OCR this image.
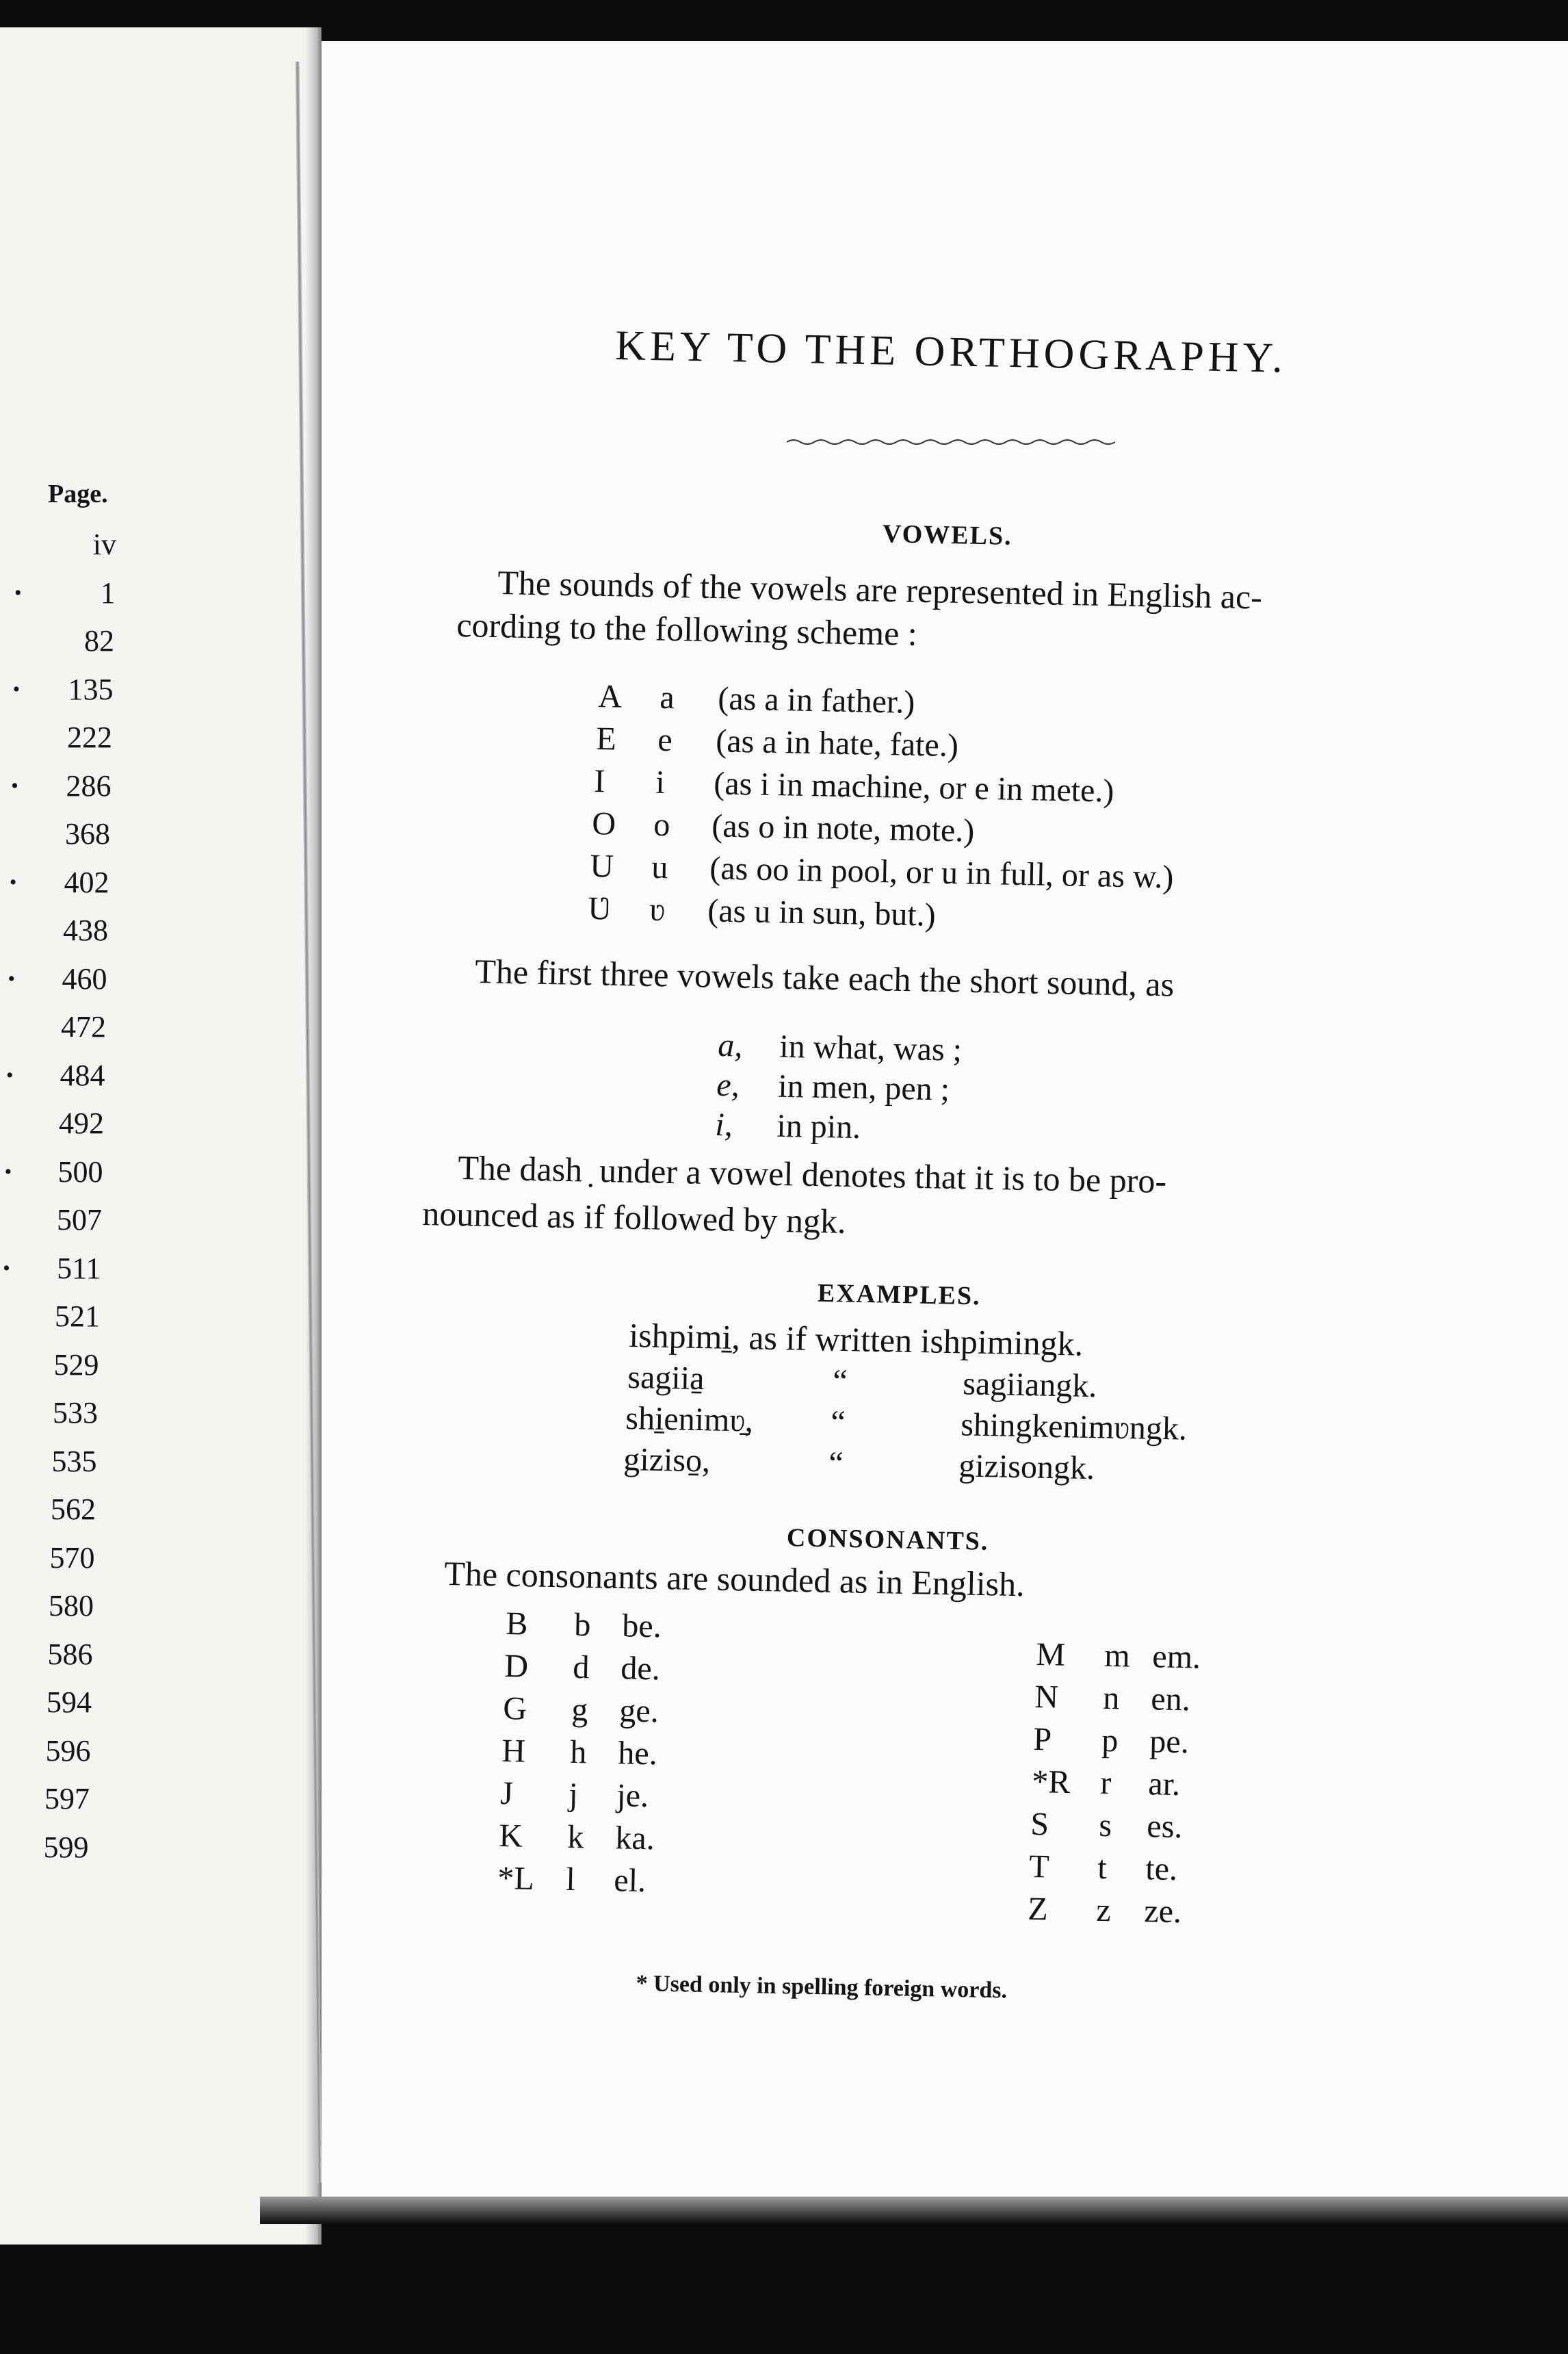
Page.
iv
1
.
82
135
.
222
286
.
368
402
.
438
460
.
472
484
.
492
500
.
507
511
.
521
529
533
535
562
570
580
586
594
596
597
599
KEY TO THE ORTHOGRAPHY.
VOWELS.
The sounds of the vowels are represented in English ac-
cording to the following scheme :
A a (as a in father.)
E e (as a in hate, fate.)
I i (as i in machine, or e in mete.)
O o (as o in note, mote.)
U u (as oo in pool, or u in full, or as w.)
Ʋ ʋ (as u in sun, but.)
The first three vowels take each the short sound, as
a, in what, was ;
e, in men, pen ;
i, in pin.
The dash ̣ under a vowel denotes that it is to be pro-
nounced as if followed by ngk.
EXAMPLES.
ishpimi̱, as if written ishpimingk.
sagiia̱	“	sagiiangk.
shi̱enimʋ̱, “	shingkenimʋngk.
giziso̱,	“	gizisongk.
CONSONANTS.
The consonants are sounded as in English.
B b be.
D d de.
G g ge.
H h he.
J j je.
K k ka.
*L l el.
M m em.
N n en.
P p pe.
*R r ar.
S s es.
T t te.
Z z ze.
* Used only in spelling foreign words.
